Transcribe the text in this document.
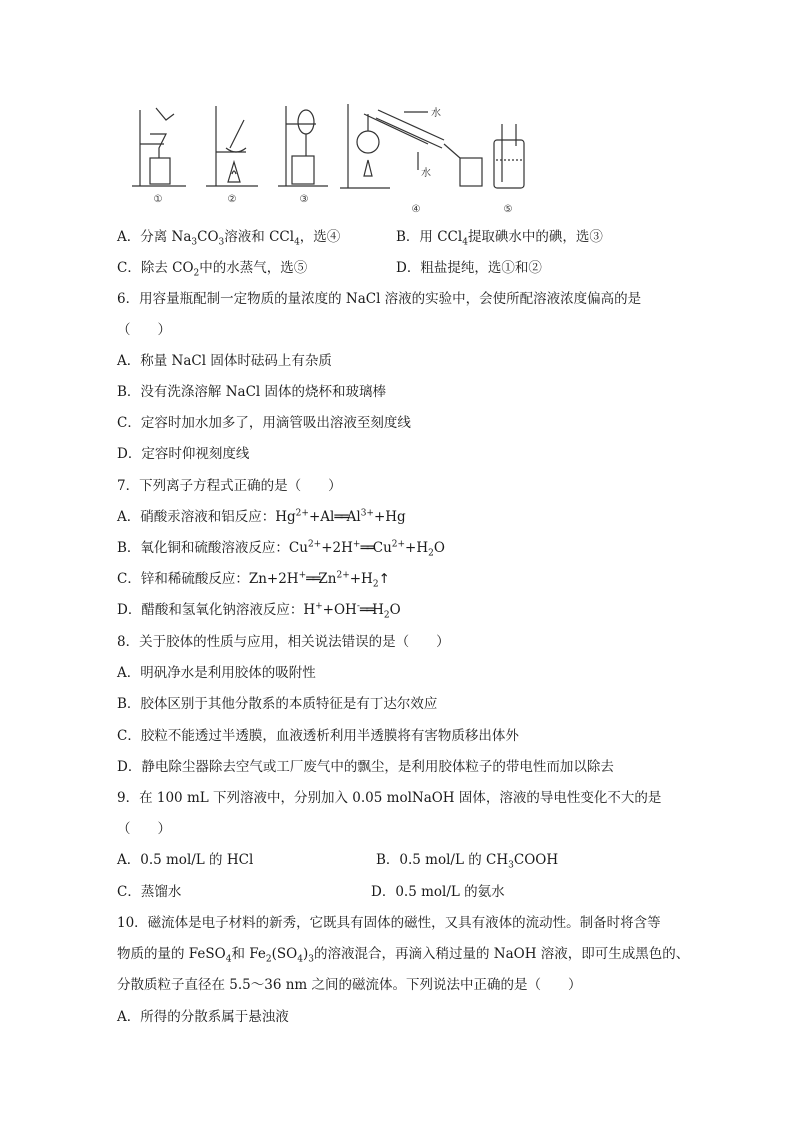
①	②	③
④	⑤
水
水
A．分离 $Na_3CO_3$溶液和 CCl$_4$，选④	B．用 CCl$_4$提取碘水中的碘，选③
C．除去 $CO_2$中的水蒸气，选⑤	D．粗盐提纯，选①和②
6．用容量瓶配制一定物质的量浓度的 NaCl 溶液的实验中，会使所配溶液浓度偏高的是
（　　）
A．称量 NaCl 固体时砝码上有杂质
B．没有洗涤溶解 NaCl 固体的烧杯和玻璃棒
C．定容时加水加多了，用滴管吸出溶液至刻度线
D．定容时仰视刻度线
7．下列离子方程式正确的是（　　）
A．硝酸汞溶液和铝反应：$Hg^{2+}+Al══Al^{3+}+Hg$
B．氧化铜和硫酸溶液反应：$Cu^{2+}+2H^+══Cu^{2+}+H_2O$
C．锌和稀硫酸反应：$Zn+2H^+══Zn^{2+}+H_2↑$
D．醋酸和氢氧化钠溶液反应：$H^++OH^-══H_2O$
8．关于胶体的性质与应用，相关说法错误的是（　　）
A．明矾净水是利用胶体的吸附性
B．胶体区别于其他分散系的本质特征是有丁达尔效应
C．胶粒不能透过半透膜，血液透析利用半透膜将有害物质移出体外
D．静电除尘器除去空气或工厂废气中的飘尘，是利用胶体粒子的带电性而加以除去
9．在 100 mL 下列溶液中，分别加入 0.05 molNaOH 固体，溶液的导电性变化不大的是
（　　）
A．0.5 mol/L 的 HCl	B．0.5 mol/L 的 $CH_3COOH$
C．蒸馏水	D．0.5 mol/L 的氨水
10．磁流体是电子材料的新秀，它既具有固体的磁性，又具有液体的流动性。制备时将含等
物质的量的 FeSO$_4$和 $Fe_2(SO_4)_3$的溶液混合，再滴入稍过量的 NaOH 溶液，即可生成黑色的、
分散质粒子直径在 5.5～36 nm 之间的磁流体。下列说法中正确的是（　　）
A．所得的分散系属于悬浊液
